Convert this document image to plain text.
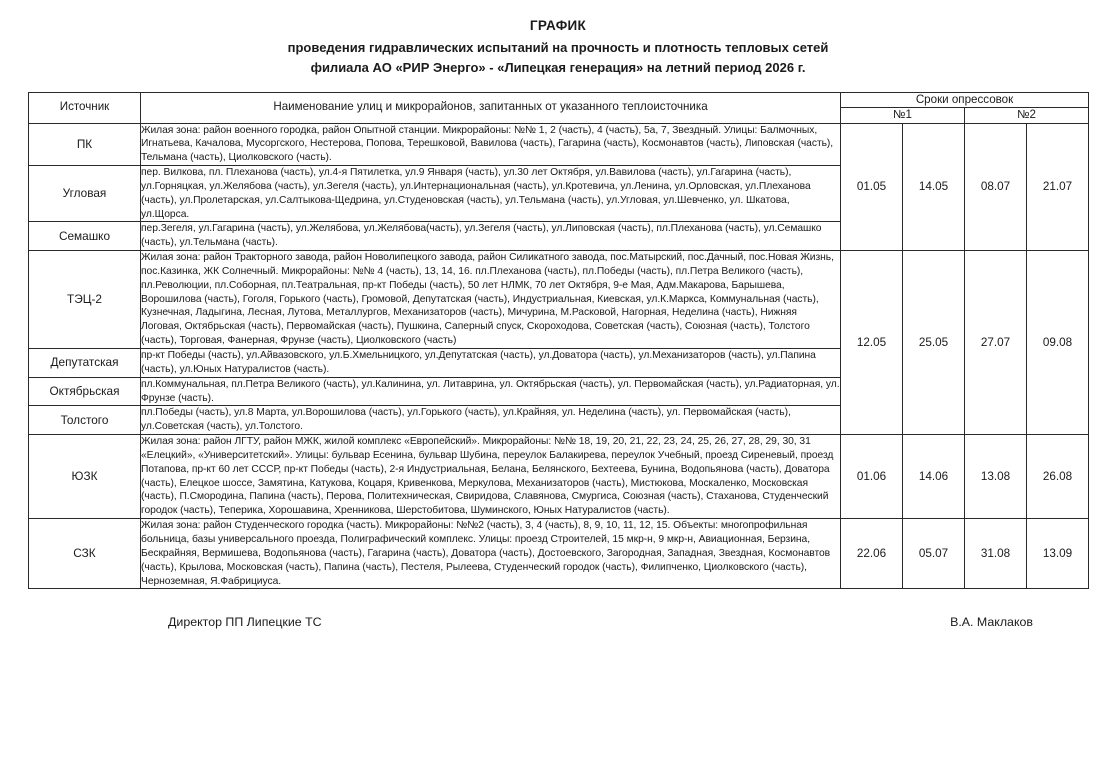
ГРАФИК
проведения гидравлических испытаний на прочность и плотность тепловых сетей
филиала АО «РИР Энерго» - «Липецкая генерация» на летний период 2026 г.
Источник	Наименование улиц и микрорайонов, запитанных от указанного теплоисточника	Сроки опрессовок			
		№1		№2	
ПК	Жилая зона: район военного городка, район Опытной станции. Микрорайоны: №№ 1, 2 (часть), 4 (часть), 5а, 7, Звездный. Улицы: Балмочных, Игнатьева, Качалова, Мусоргского, Нестерова, Попова, Терешковой, Вавилова (часть), Гагарина (часть), Космонавтов (часть), Липовская (часть), Тельмана (часть), Циолковского (часть).	01.05	14.05	08.07	21.07
Угловая	пер. Вилкова, пл. Плеханова (часть), ул.4-я Пятилетка, ул.9 Января (часть), ул.30 лет Октября, ул.Вавилова (часть), ул.Гагарина (часть), ул.Горняцкая, ул.Желябова (часть), ул.Зегеля (часть), ул.Интернациональная (часть), ул.Кротевича, ул.Ленина, ул.Орловская, ул.Плеханова (часть), ул.Пролетарская, ул.Салтыкова-Щедрина, ул.Студеновская (часть), ул.Тельмана (часть), ул.Угловая, ул.Шевченко, ул. Шкатова, ул.Щорса.				
Семашко	пер.Зегеля, ул.Гагарина (часть), ул.Желябова, ул.Желябова(часть), ул.Зегеля (часть), ул.Липовская (часть), пл.Плеханова (часть), ул.Семашко (часть), ул.Тельмана (часть).				
ТЭЦ-2	Жилая зона: район Тракторного завода, район Новолипецкого завода, район Силикатного завода, пос.Матырский, пос.Дачный, пос.Новая Жизнь, пос.Казинка, ЖК Солнечный. Микрорайоны: №№ 4 (часть), 13, 14, 16. пл.Плеханова (часть), пл.Победы (часть), пл.Петра Великого (часть), пл.Революции, пл.Соборная, пл.Театральная, пр-кт Победы (часть), 50 лет НЛМК, 70 лет Октября, 9-е Мая, Адм.Макарова, Барышева, Ворошилова (часть), Гоголя, Горького (часть), Громовой, Депутатская (часть), Индустриальная, Киевская, ул.К.Маркса, Коммунальная (часть), Кузнечная, Ладыгина, Лесная, Лутова, Металлургов, Механизаторов (часть), Мичурина, М.Расковой, Нагорная, Неделина (часть), Нижняя Логовая, Октябрьская (часть), Первомайская (часть), Пушкина, Саперный спуск, Скороходова, Советская (часть), Союзная (часть), Толстого (часть), Торговая, Фанерная, Фрунзе (часть), Циолковского (часть)	12.05	25.05	27.07	09.08
Депутатская	пр-кт Победы (часть), ул.Айвазовского, ул.Б.Хмельницкого, ул.Депутатская (часть), ул.Доватора (часть), ул.Механизаторов (часть), ул.Папина (часть), ул.Юных Натуралистов (часть).				
Октябрьская	пл.Коммунальная, пл.Петра Великого (часть), ул.Калинина, ул. Литаврина, ул. Октябрьская (часть), ул. Первомайская (часть), ул.Радиаторная, ул. Фрунзе (часть).				
Толстого	пл.Победы (часть), ул.8 Марта, ул.Ворошилова (часть), ул.Горького (часть), ул.Крайняя, ул. Неделина (часть), ул. Первомайская (часть), ул.Советская (часть), ул.Толстого.				
ЮЗК	Жилая зона: район ЛГТУ, район МЖК, жилой комплекс «Европейский». Микрорайоны: №№ 18, 19, 20, 21, 22, 23, 24, 25, 26, 27, 28, 29, 30, 31 «Елецкий», «Университетский». Улицы: бульвар Есенина, бульвар Шубина, переулок Балакирева, переулок Учебный, проезд Сиреневый, проезд Потапова, пр-кт 60 лет СССР, пр-кт Победы (часть), 2-я Индустриальная, Белана, Белянского, Бехтеева, Бунина, Водопьянова (часть), Доватора (часть), Елецкое шоссе, Замятина, Катукова, Коцаря, Кривенкова, Меркулова, Механизаторов (часть), Мистюкова, Москаленко, Московская (часть), П.Смородина, Папина (часть), Перова, Политехническая, Свиридова, Славянова, Смургиса, Союзная (часть), Стаханова, Студенческий городок (часть), Теперика, Хорошавина, Хренникова, Шерстобитова, Шуминского, Юных Натуралистов (часть).	01.06	14.06	13.08	26.08
СЗК	Жилая зона: район Студенческого городка (часть). Микрорайоны: №№2 (часть), 3, 4 (часть), 8, 9, 10, 11, 12, 15. Объекты: многопрофильная больница, базы универсального проезда, Полиграфический комплекс. Улицы: проезд Строителей, 15 мкр-н, 9 мкр-н, Авиационная, Берзина, Бескрайняя, Вермишева, Водопьянова (часть), Гагарина (часть), Доватора (часть), Достоевского, Загородная, Западная, Звездная, Космонавтов (часть), Крылова, Московская (часть), Папина (часть), Пестеля, Рылеева, Студенческий городок (часть), Филипченко, Циолковского (часть), Черноземная, Я.Фабрициуса.	22.06	05.07	31.08	13.09
Директор ПП Липецкие ТС	В.А. Маклаков
